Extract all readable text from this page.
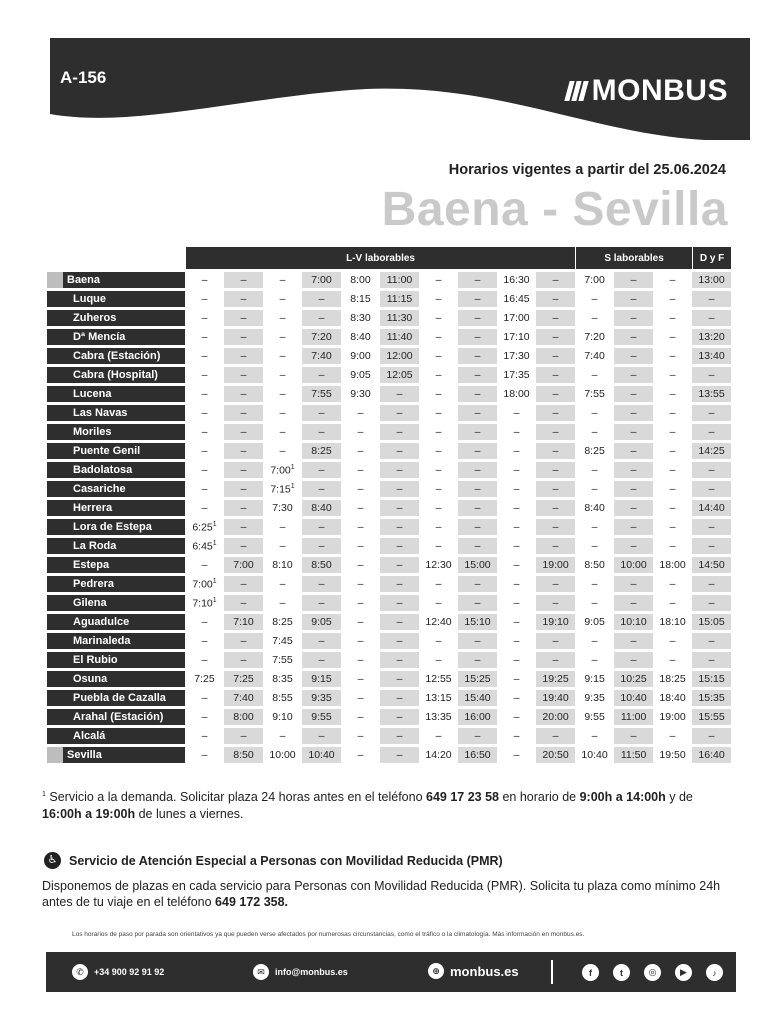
A-156	MONBUS
Horarios vigentes a partir del 25.06.2024
Baena - Sevilla
	L-V laborables										S laborables			D y F
Baena	–	–	–	7:00	8:00	11:00	–	–	16:30	–	7:00	–	–	13:00
Luque	–	–	–	–	8:15	11:15	–	–	16:45	–	–	–	–	–
Zuheros	–	–	–	–	8:30	11:30	–	–	17:00	–	–	–	–	–
Dª Mencía	–	–	–	7:20	8:40	11:40	–	–	17:10	–	7:20	–	–	13:20
Cabra (Estación)	–	–	–	7:40	9:00	12:00	–	–	17:30	–	7:40	–	–	13:40
Cabra (Hospital)	–	–	–	–	9:05	12:05	–	–	17:35	–	–	–	–	–
Lucena	–	–	–	7:55	9:30	–	–	–	18:00	–	7:55	–	–	13:55
Las Navas	–	–	–	–	–	–	–	–	–	–	–	–	–	–
Moriles	–	–	–	–	–	–	–	–	–	–	–	–	–	–
Puente Genil	–	–	–	8:25	–	–	–	–	–	–	8:25	–	–	14:25
Badolatosa	–	–	$7:00^1$	–	–	–	–	–	–	–	–	–	–	–
Casariche	–	–	$7:15^1$	–	–	–	–	–	–	–	–	–	–	–
Herrera	–	–	7:30	8:40	–	–	–	–	–	–	8:40	–	–	14:40
Lora de Estepa	$6:25^1$	–	–	–	–	–	–	–	–	–	–	–	–	–
La Roda	$6:45^1$	–	–	–	–	–	–	–	–	–	–	–	–	–
Estepa	–	7:00	8:10	8:50	–	–	12:30	15:00	–	19:00	8:50	10:00	18:00	14:50
Pedrera	$7:00^1$	–	–	–	–	–	–	–	–	–	–	–	–	–
Gilena	$7:10^1$	–	–	–	–	–	–	–	–	–	–	–	–	–
Aguadulce	–	7:10	8:25	9:05	–	–	12:40	15:10	–	19:10	9:05	10:10	18:10	15:05
Marinaleda	–	–	7:45	–	–	–	–	–	–	–	–	–	–	–
El Rubio	–	–	7:55	–	–	–	–	–	–	–	–	–	–	–
Osuna	7:25	7:25	8:35	9:15	–	–	12:55	15:25	–	19:25	9:15	10:25	18:25	15:15
Puebla de Cazalla	–	7:40	8:55	9:35	–	–	13:15	15:40	–	19:40	9:35	10:40	18:40	15:35
Arahal (Estación)	–	8:00	9:10	9:55	–	–	13:35	16:00	–	20:00	9:55	11:00	19:00	15:55
Alcalá	–	–	–	–	–	–	–	–	–	–	–	–	–	–
Sevilla	–	8:50	10:00	10:40	–	–	14:20	16:50	–	20:50	10:40	11:50	19:50	16:40
$^1$ Servicio a la demanda. Solicitar plaza 24 horas antes en el teléfono 649 17 23 58 en horario de 9:00h a 14:00h y de 16:00h a 19:00h de lunes a viernes.
♿ Servicio de Atención Especial a Personas con Movilidad Reducida (PMR)
Disponemos de plazas en cada servicio para Personas con Movilidad Reducida (PMR). Solicita tu plaza como mínimo 24h antes de tu viaje en el teléfono 649 172 358.
Los horarios de paso por parada son orientativos ya que pueden verse afectados por numerosas circunstancias, como el tráfico o la climatología. Más información en monbus.es.
✆	+34 900 92 91 92	✉	info@monbus.es	⊕ monbus.es	f	t	◎	▶	♪
